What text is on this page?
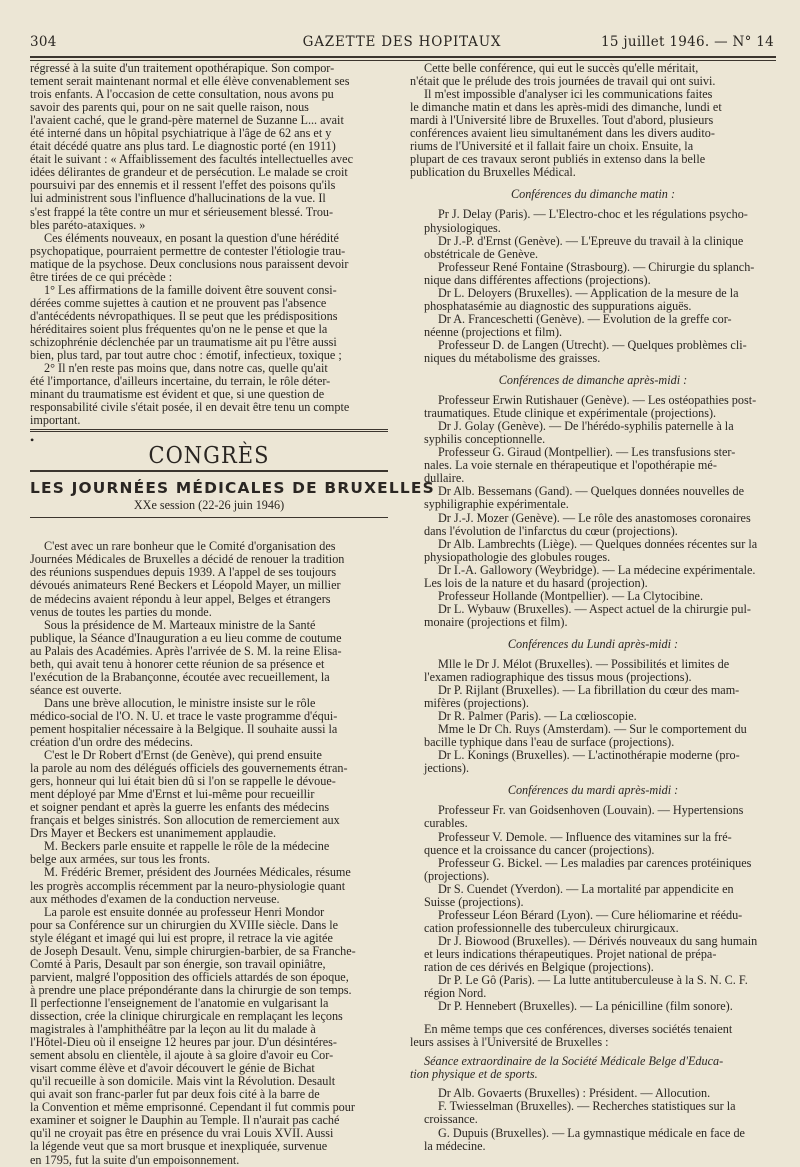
304	GAZETTE DES HOPITAUX	15 juillet 1946. — N° 14

régressé à la suite d'un traitement opothérapique. Son compor-
tement serait maintenant normal et elle élève convenablement ses
trois enfants. A l'occasion de cette consultation, nous avons pu
savoir des parents qui, pour on ne sait quelle raison, nous
l'avaient caché, que le grand-père maternel de Suzanne L... avait
été interné dans un hôpital psychiatrique à l'âge de 62 ans et y
était décédé quatre ans plus tard. Le diagnostic porté (en 1911)
était le suivant : « Affaiblissement des facultés intellectuelles avec
idées délirantes de grandeur et de persécution. Le malade se croit
poursuivi par des ennemis et il ressent l'effet des poisons qu'ils
lui administrent sous l'influence d'hallucinations de la vue. Il
s'est frappé la tête contre un mur et sérieusement blessé. Trou-
bles paréto-ataxiques. »

Ces éléments nouveaux, en posant la question d'une hérédité
psychopatique, pourraient permettre de contester l'étiologie trau-
matique de la psychose. Deux conclusions nous paraissent devoir
être tirées de ce qui précède :

1° Les affirmations de la famille doivent être souvent consi-
dérées comme sujettes à caution et ne prouvent pas l'absence
d'antécédents névropathiques. Il se peut que les prédispositions
héréditaires soient plus fréquentes qu'on ne le pense et que la
schizophrénie déclenchée par un traumatisme ait pu l'être aussi
bien, plus tard, par tout autre choc : émotif, infectieux, toxique ;

2° Il n'en reste pas moins que, dans notre cas, quelle qu'ait
été l'importance, d'ailleurs incertaine, du terrain, le rôle déter-
minant du traumatisme est évident et que, si une question de
responsabilité civile s'était posée, il en devait être tenu un compte
important.

•
CONGRÈS
LES JOURNÉES MÉDICALES DE BRUXELLES
XXe session (22-26 juin 1946)

C'est avec un rare bonheur que le Comité d'organisation des
Journées Médicales de Bruxelles a décidé de renouer la tradition
des réunions suspendues depuis 1939. A l'appel de ses toujours
dévoués animateurs René Beckers et Léopold Mayer, un millier
de médecins avaient répondu à leur appel, Belges et étrangers
venus de toutes les parties du monde.

Sous la présidence de M. Marteaux ministre de la Santé
publique, la Séance d'Inauguration a eu lieu comme de coutume
au Palais des Académies. Après l'arrivée de S. M. la reine Elisa-
beth, qui avait tenu à honorer cette réunion de sa présence et
l'exécution de la Brabançonne, écoutée avec recueillement, la
séance est ouverte.

Dans une brève allocution, le ministre insiste sur le rôle
médico-social de l'O. N. U. et trace le vaste programme d'équi-
pement hospitalier nécessaire à la Belgique. Il souhaite aussi la
création d'un ordre des médecins.

C'est le Dr Robert d'Ernst (de Genève), qui prend ensuite
la parole au nom des délégués officiels des gouvernements étran-
gers, honneur qui lui était bien dû si l'on se rappelle le dévoue-
ment déployé par Mme d'Ernst et lui-même pour recueillir
et soigner pendant et après la guerre les enfants des médecins
français et belges sinistrés. Son allocution de remerciement aux
Drs Mayer et Beckers est unanimement applaudie.

M. Beckers parle ensuite et rappelle le rôle de la médecine
belge aux armées, sur tous les fronts.

M. Frédéric Bremer, président des Journées Médicales, résume
les progrès accomplis récemment par la neuro-physiologie quant
aux méthodes d'examen de la conduction nerveuse.

La parole est ensuite donnée au professeur Henri Mondor
pour sa Conférence sur un chirurgien du XVIIIe siècle. Dans le
style élégant et imagé qui lui est propre, il retrace la vie agitée
de Joseph Desault. Venu, simple chirurgien-barbier, de sa Franche-
Comté à Paris, Desault par son énergie, son travail opiniâtre,
parvient, malgré l'opposition des officiels attardés de son époque,
à prendre une place prépondérante dans la chirurgie de son temps.
Il perfectionne l'enseignement de l'anatomie en vulgarisant la
dissection, crée la clinique chirurgicale en remplaçant les leçons
magistrales à l'amphithéâtre par la leçon au lit du malade à
l'Hôtel-Dieu où il enseigne 12 heures par jour. D'un désintéres-
sement absolu en clientèle, il ajoute à sa gloire d'avoir eu Cor-
visart comme élève et d'avoir découvert le génie de Bichat
qu'il recueille à son domicile. Mais vint la Révolution. Desault
qui avait son franc-parler fut par deux fois cité à la barre de
la Convention et même emprisonné. Cependant il fut commis pour
examiner et soigner le Dauphin au Temple. Il n'aurait pas caché
qu'il ne croyait pas être en présence du vrai Louis XVII. Aussi
la légende veut que sa mort brusque et inexpliquée, survenue
en 1795, fut la suite d'un empoisonnement.

Cette belle conférence, qui eut le succès qu'elle méritait,
n'était que le prélude des trois journées de travail qui ont suivi.

Il m'est impossible d'analyser ici les communications faites
le dimanche matin et dans les après-midi des dimanche, lundi et
mardi à l'Université libre de Bruxelles. Tout d'abord, plusieurs
conférences avaient lieu simultanément dans les divers audito-
riums de l'Université et il fallait faire un choix. Ensuite, la
plupart de ces travaux seront publiés in extenso dans la belle
publication du Bruxelles Médical.

Conférences du dimanche matin :

Pr J. Delay (Paris). — L'Electro-choc et les régulations psycho-
physiologiques.

Dr J.-P. d'Ernst (Genève). — L'Epreuve du travail à la clinique
obstétricale de Genève.

Professeur René Fontaine (Strasbourg). — Chirurgie du splanch-
nique dans différentes affections (projections).

Dr L. Deloyers (Bruxelles). — Application de la mesure de la
phosphatasémie au diagnostic des suppurations aiguës.

Dr A. Franceschetti (Genève). — Evolution de la greffe cor-
néenne (projections et film).

Professeur D. de Langen (Utrecht). — Quelques problèmes cli-
niques du métabolisme des graisses.

Conférences de dimanche après-midi :

Professeur Erwin Rutishauer (Genève). — Les ostéopathies post-
traumatiques. Etude clinique et expérimentale (projections).

Dr J. Golay (Genève). — De l'hérédo-syphilis paternelle à la
syphilis conceptionnelle.

Professeur G. Giraud (Montpellier). — Les transfusions ster-
nales. La voie sternale en thérapeutique et l'opothérapie mé-
dullaire.

Dr Alb. Bessemans (Gand). — Quelques données nouvelles de
syphiligraphie expérimentale.

Dr J.-J. Mozer (Genève). — Le rôle des anastomoses coronaires
dans l'évolution de l'infarctus du cœur (projections).

Dr Alb. Lambrechts (Liège). — Quelques données récentes sur la
physiopathologie des globules rouges.

Dr I.-A. Gallowory (Weybridge). — La médecine expérimentale.
Les lois de la nature et du hasard (projection).

Professeur Hollande (Montpellier). — La Clytocibine.

Dr L. Wybauw (Bruxelles). — Aspect actuel de la chirurgie pul-
monaire (projections et film).

Conférences du Lundi après-midi :

Mlle le Dr J. Mélot (Bruxelles). — Possibilités et limites de
l'examen radiographique des tissus mous (projections).

Dr P. Rijlant (Bruxelles). — La fibrillation du cœur des mam-
mifères (projections).

Dr R. Palmer (Paris). — La cœlioscopie.

Mme le Dr Ch. Ruys (Amsterdam). — Sur le comportement du
bacille typhique dans l'eau de surface (projections).

Dr L. Konings (Bruxelles). — L'actinothérapie moderne (pro-
jections).

Conférences du mardi après-midi :

Professeur Fr. van Goidsenhoven (Louvain). — Hypertensions
curables.

Professeur V. Demole. — Influence des vitamines sur la fré-
quence et la croissance du cancer (projections).

Professeur G. Bickel. — Les maladies par carences protéiniques
(projections).

Dr S. Cuendet (Yverdon). — La mortalité par appendicite en
Suisse (projections).

Professeur Léon Bérard (Lyon). — Cure héliomarine et réédu-
cation professionnelle des tuberculeux chirurgicaux.

Dr J. Biowood (Bruxelles). — Dérivés nouveaux du sang humain
et leurs indications thérapeutiques. Projet national de prépa-
ration de ces dérivés en Belgique (projections).

Dr P. Le Gô (Paris). — La lutte antituberculeuse à la S. N. C. F.
région Nord.

Dr P. Hennebert (Bruxelles). — La pénicilline (film sonore).

En même temps que ces conférences, diverses sociétés tenaient
leurs assises à l'Université de Bruxelles :

Séance extraordinaire de la Société Médicale Belge d'Educa-
tion physique et de sports.

Dr Alb. Govaerts (Bruxelles) : Président. — Allocution.

F. Twiesselman (Bruxelles). — Recherches statistiques sur la
croissance.

G. Dupuis (Bruxelles). — La gymnastique médicale en face de
la médecine.
